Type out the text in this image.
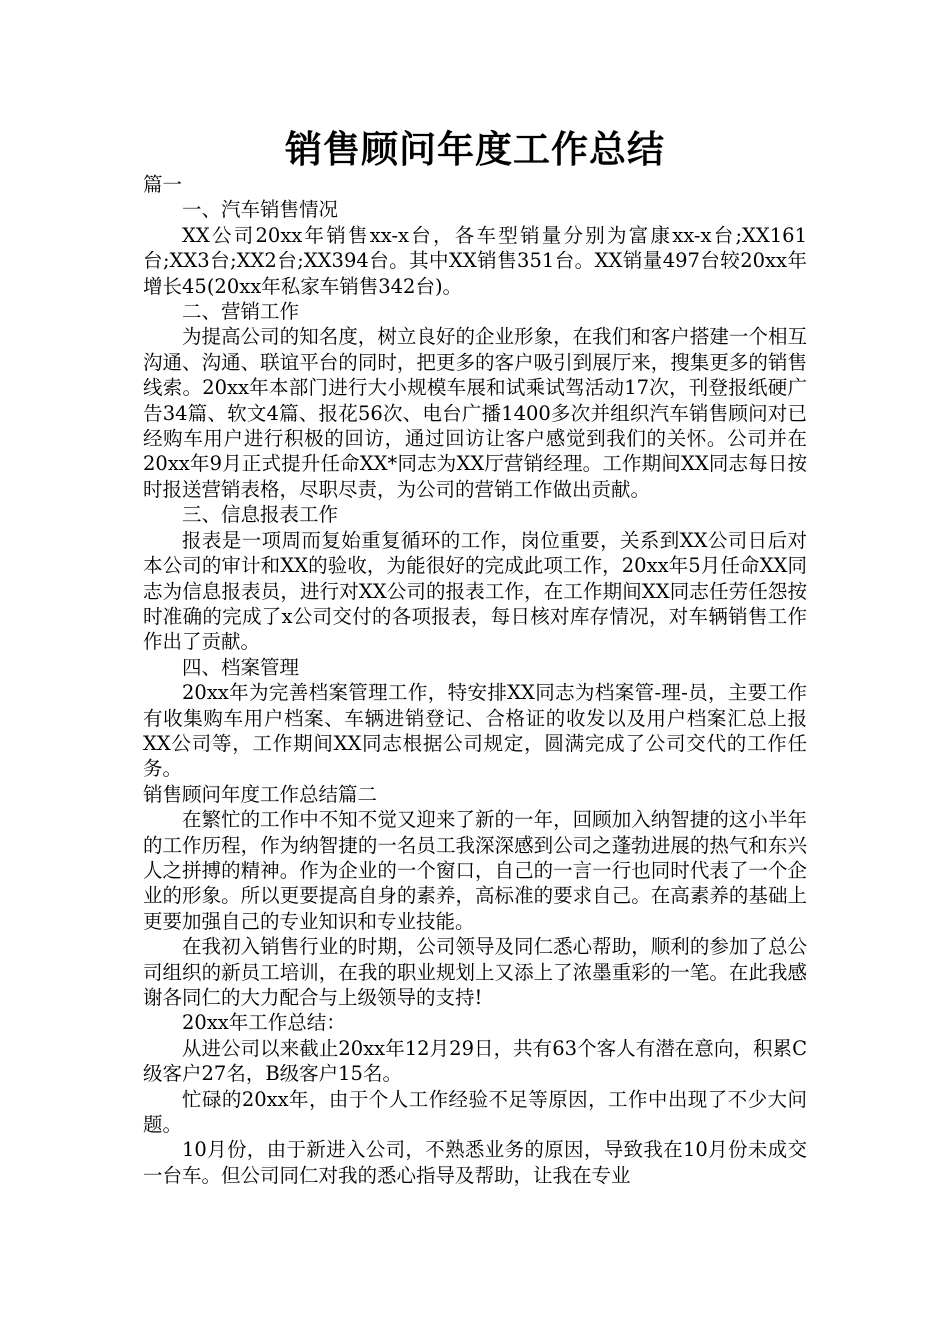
销售顾问年度工作总结

篇一

一、汽车销售情况

XX公司20xx年销售xx-x台，各车型销量分别为富康xx-x台;XX161台;XX3台;XX2台;XX394台。其中XX销售351台。XX销量497台较20xx年增长45(20xx年私家车销售342台)。

二、营销工作

为提高公司的知名度，树立良好的企业形象，在我们和客户搭建一个相互沟通、沟通、联谊平台的同时，把更多的客户吸引到展厅来，搜集更多的销售线索。20xx年本部门进行大小规模车展和试乘试驾活动17次，刊登报纸硬广告34篇、软文4篇、报花56次、电台广播1400多次并组织汽车销售顾问对已经购车用户进行积极的回访，通过回访让客户感觉到我们的关怀。公司并在20xx年9月正式提升任命XX*同志为XX厅营销经理。工作期间XX同志每日按时报送营销表格，尽职尽责，为公司的营销工作做出贡献。

三、信息报表工作

报表是一项周而复始重复循环的工作，岗位重要，关系到XX公司日后对本公司的审计和XX的验收，为能很好的完成此项工作，20xx年5月任命XX同志为信息报表员，进行对XX公司的报表工作，在工作期间XX同志任劳任怨按时准确的完成了x公司交付的各项报表，每日核对库存情况，对车辆销售工作作出了贡献。

四、档案管理

20xx年为完善档案管理工作，特安排XX同志为档案管-理-员，主要工作有收集购车用户档案、车辆进销登记、合格证的收发以及用户档案汇总上报XX公司等，工作期间XX同志根据公司规定，圆满完成了公司交代的工作任务。

销售顾问年度工作总结篇二

在繁忙的工作中不知不觉又迎来了新的一年，回顾加入纳智捷的这小半年的工作历程，作为纳智捷的一名员工我深深感到公司之蓬勃进展的热气和东兴人之拼搏的精神。作为企业的一个窗口，自己的一言一行也同时代表了一个企业的形象。所以更要提高自身的素养，高标准的要求自己。在高素养的基础上更要加强自己的专业知识和专业技能。

在我初入销售行业的时期，公司领导及同仁悉心帮助，顺利的参加了总公司组织的新员工培训，在我的职业规划上又添上了浓墨重彩的一笔。在此我感谢各同仁的大力配合与上级领导的支持!

20xx年工作总结：

从进公司以来截止20xx年12月29日，共有63个客人有潜在意向，积累C级客户27名，B级客户15名。

忙碌的20xx年，由于个人工作经验不足等原因，工作中出现了不少大问题。

10月份，由于新进入公司，不熟悉业务的原因，导致我在10月份未成交一台车。但公司同仁对我的悉心指导及帮助，让我在专业
